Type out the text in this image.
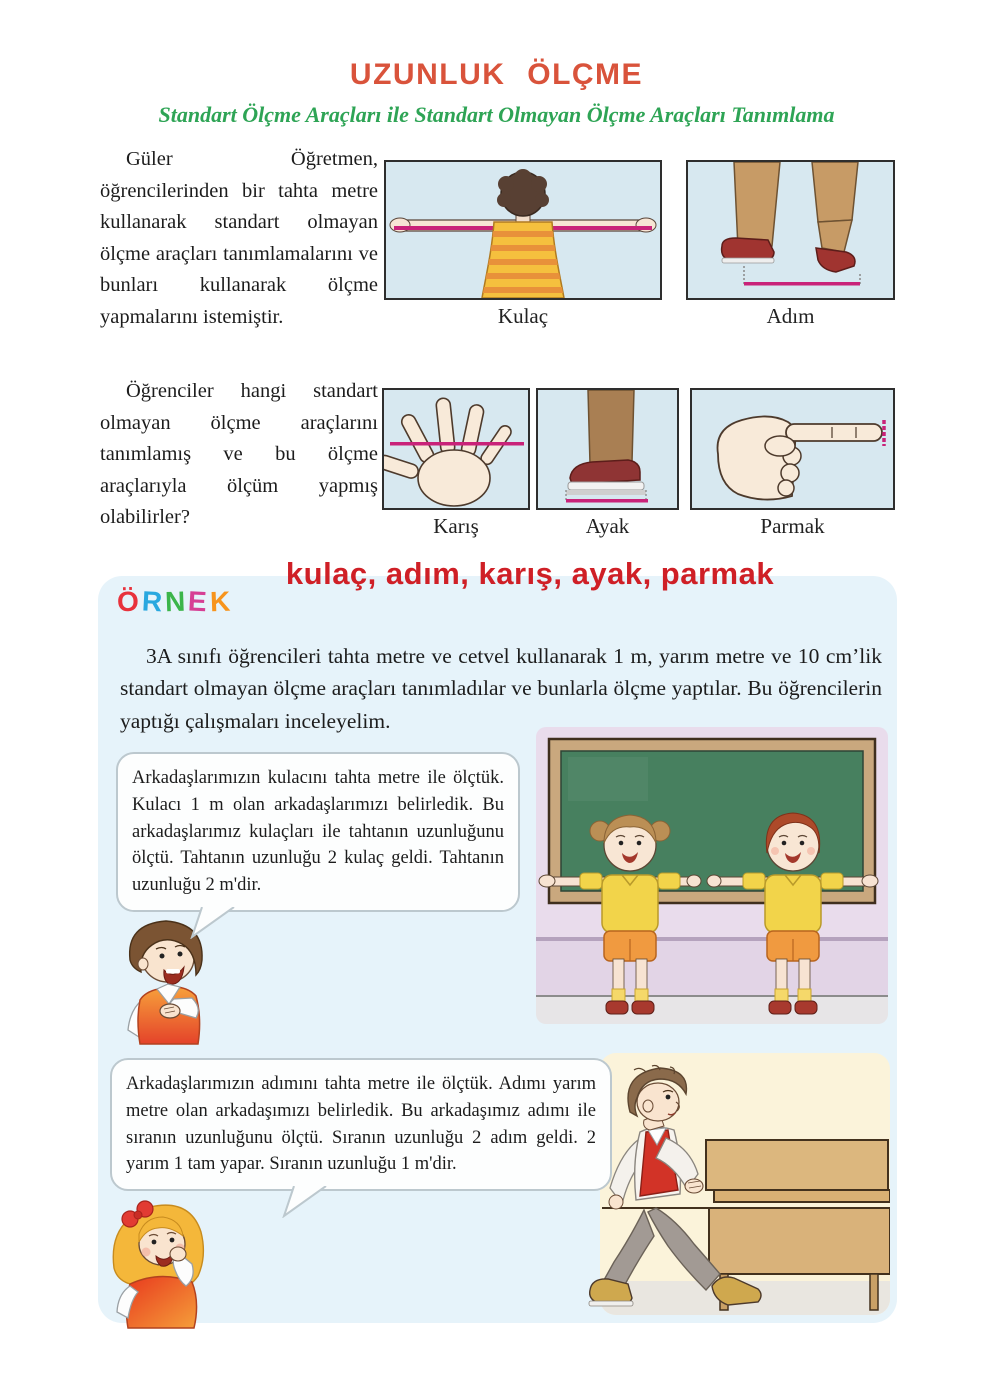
UZUNLUK ÖLÇME
Standart Ölçme Araçları ile Standart Olmayan Ölçme Araçları Tanımlama
Güler Öğretmen, öğrencilerinden bir tahta metre kullanarak standart olmayan ölçme araçları tanımlamalarını ve bunları kullanarak ölçme yapmalarını istemiştir.
Öğrenciler hangi standart olmayan ölçme araçlarını tanımlamış ve bu ölçme araçlarıyla ölçüm yapmış olabilirler?
Kulaç	Adım
Karış	Ayak	Parmak
kulaç, adım, karış, ayak, parmak
ÖRNEK
3A sınıfı öğrencileri tahta metre ve cetvel kullanarak 1 m, yarım metre ve 10 cm’lik standart olmayan ölçme araçları tanımladılar ve bunlarla ölçme yaptılar. Bu öğrencilerin yaptığı çalışmaları inceleyelim.
Arkadaşlarımızın kulacını tahta metre ile ölçtük. Kulacı 1 m olan arkadaşlarımızı belirledik. Bu arkadaşlarımız kulaçları ile tahtanın uzunluğunu ölçtü. Tahtanın uzunluğu 2 kulaç geldi. Tahtanın uzunluğu 2 m'dir.
Arkadaşlarımızın adımını tahta metre ile ölçtük. Adımı yarım metre olan arkadaşımızı belirledik. Bu arkadaşımız adımı ile sıranın uzunluğunu ölçtü. Sıranın uzunluğu 2 adım geldi. 2 yarım 1 tam yapar. Sıranın uzunluğu 1 m'dir.
